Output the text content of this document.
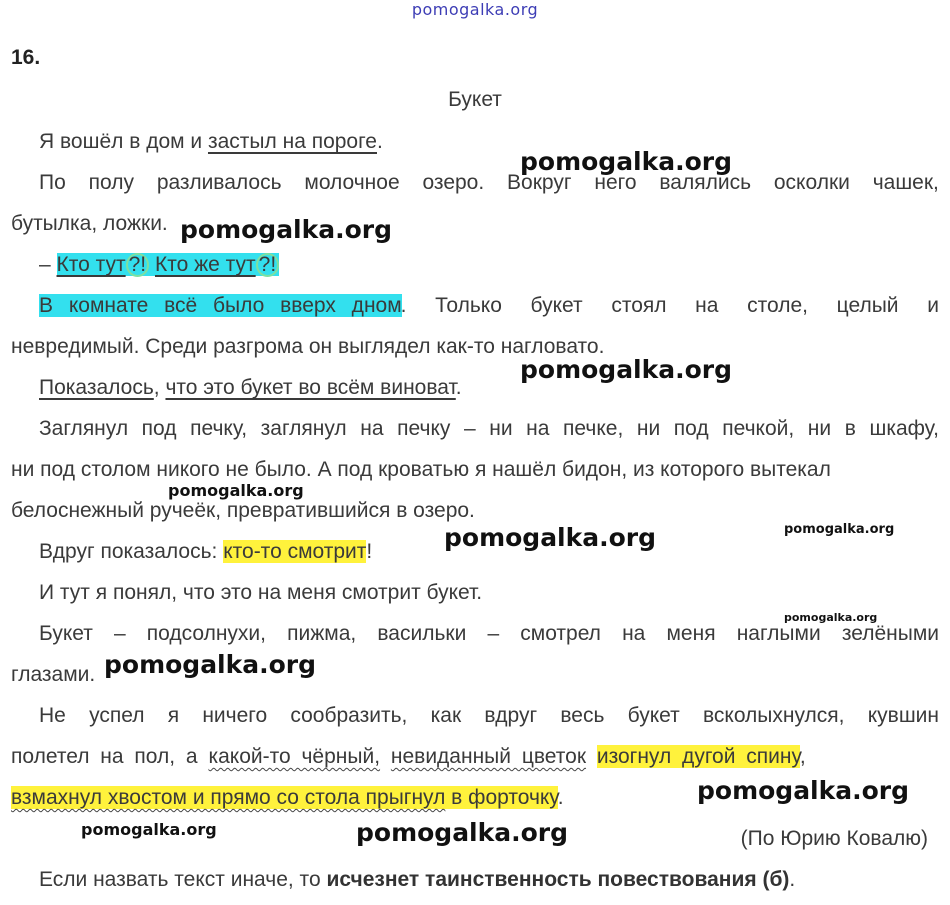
pomogalka.org
16.
Букет
Я вошёл в дом и застыл на пороге.
По полу разливалось молочное озеро. Вокруг него валялись осколки чашек,
бутылка, ложки.
– Кто тут ?! Кто же тут ?!
В комнате всё было вверх дном. Только букет стоял на столе, целый и
невредимый. Среди разгрома он выглядел как-то нагловато.
Показалось, что это букет во всём виноват.
Заглянул под печку, заглянул на печку – ни на печке, ни под печкой, ни в шкафу,
ни под столом никого не было. А под кроватью я нашёл бидон, из которого вытекал
белоснежный ручеёк, превратившийся в озеро.
Вдруг показалось: кто-то смотрит!
И тут я понял, что это на меня смотрит букет.
Букет – подсолнухи, пижма, васильки – смотрел на меня наглыми зелёными
глазами.
Не успел я ничего сообразить, как вдруг весь букет всколыхнулся, кувшин
полетел на пол, а какой-то чёрный, невиданный цветок изогнул дугой спину,
взмахнул хвостом и прямо со стола прыгнул в форточку.
(По Юрию Ковалю)
Если назвать текст иначе, то исчезнет таинственность повествования (б).
pomogalka.org
pomogalka.org
pomogalka.org
pomogalka.org
pomogalka.org	pomogalka.org
pomogalka.org
pomogalka.org
pomogalka.org
pomogalka.org	pomogalka.org
